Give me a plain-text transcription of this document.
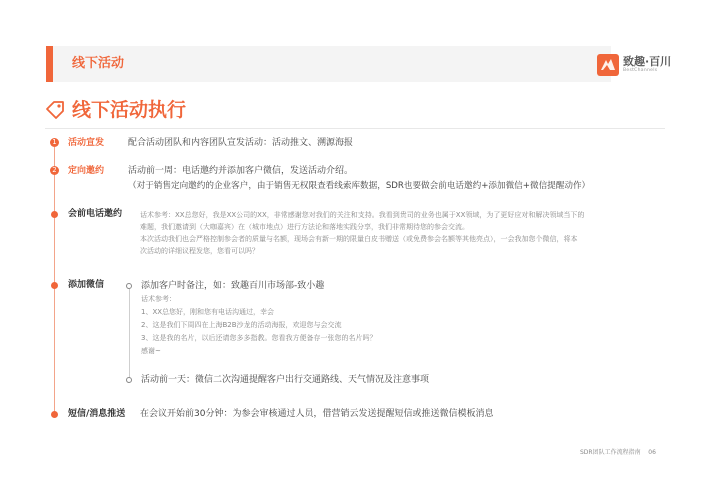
线下活动	致趣·百川
BestChannels
线下活动执行
1 活动宣发	配合活动团队和内容团队宣发活动：活动推文、溯源海报
2 定向邀约	活动前一周：电话邀约并添加客户微信，发送活动介绍。
（对于销售定向邀约的企业客户，由于销售无权限查看线索库数据，SDR也要做会前电话邀约+添加微信+微信提醒动作）
会前电话邀约	话术参考：XX总您好，我是XX公司的XX，非常感谢您对我们的关注和支持。我看到贵司的业务也属于XX领域，为了更好应对和解决领域当下的
难题，我们邀请到（大咖嘉宾）在（城市地点）进行方法论和落地实践分享，我们非常期待您的参会交流。
本次活动我们也会严格控制参会者的质量与名额，现场会有新一期的限量白皮书赠送（或免费参会名额等其他亮点），一会我加您个微信，将本
次活动的详细议程发您，您看可以吗？
添加微信	添加客户时备注，如：致趣百川市场部-致小趣
话术参考：
1、XX总您好，刚和您有电话沟通过，幸会
2、这是我们下周四在上海B2B沙龙的活动海报，欢迎您与会交流
3、这是我的名片，以后还请您多多指教。您看我方便备存一张您的名片吗？
感谢~
活动前一天：微信二次沟通提醒客户出行交通路线、天气情况及注意事项
短信/消息推送 在会议开始前30分钟：为参会审核通过人员，借营销云发送提醒短信或推送微信模板消息
SDR团队工作流程指南 06
